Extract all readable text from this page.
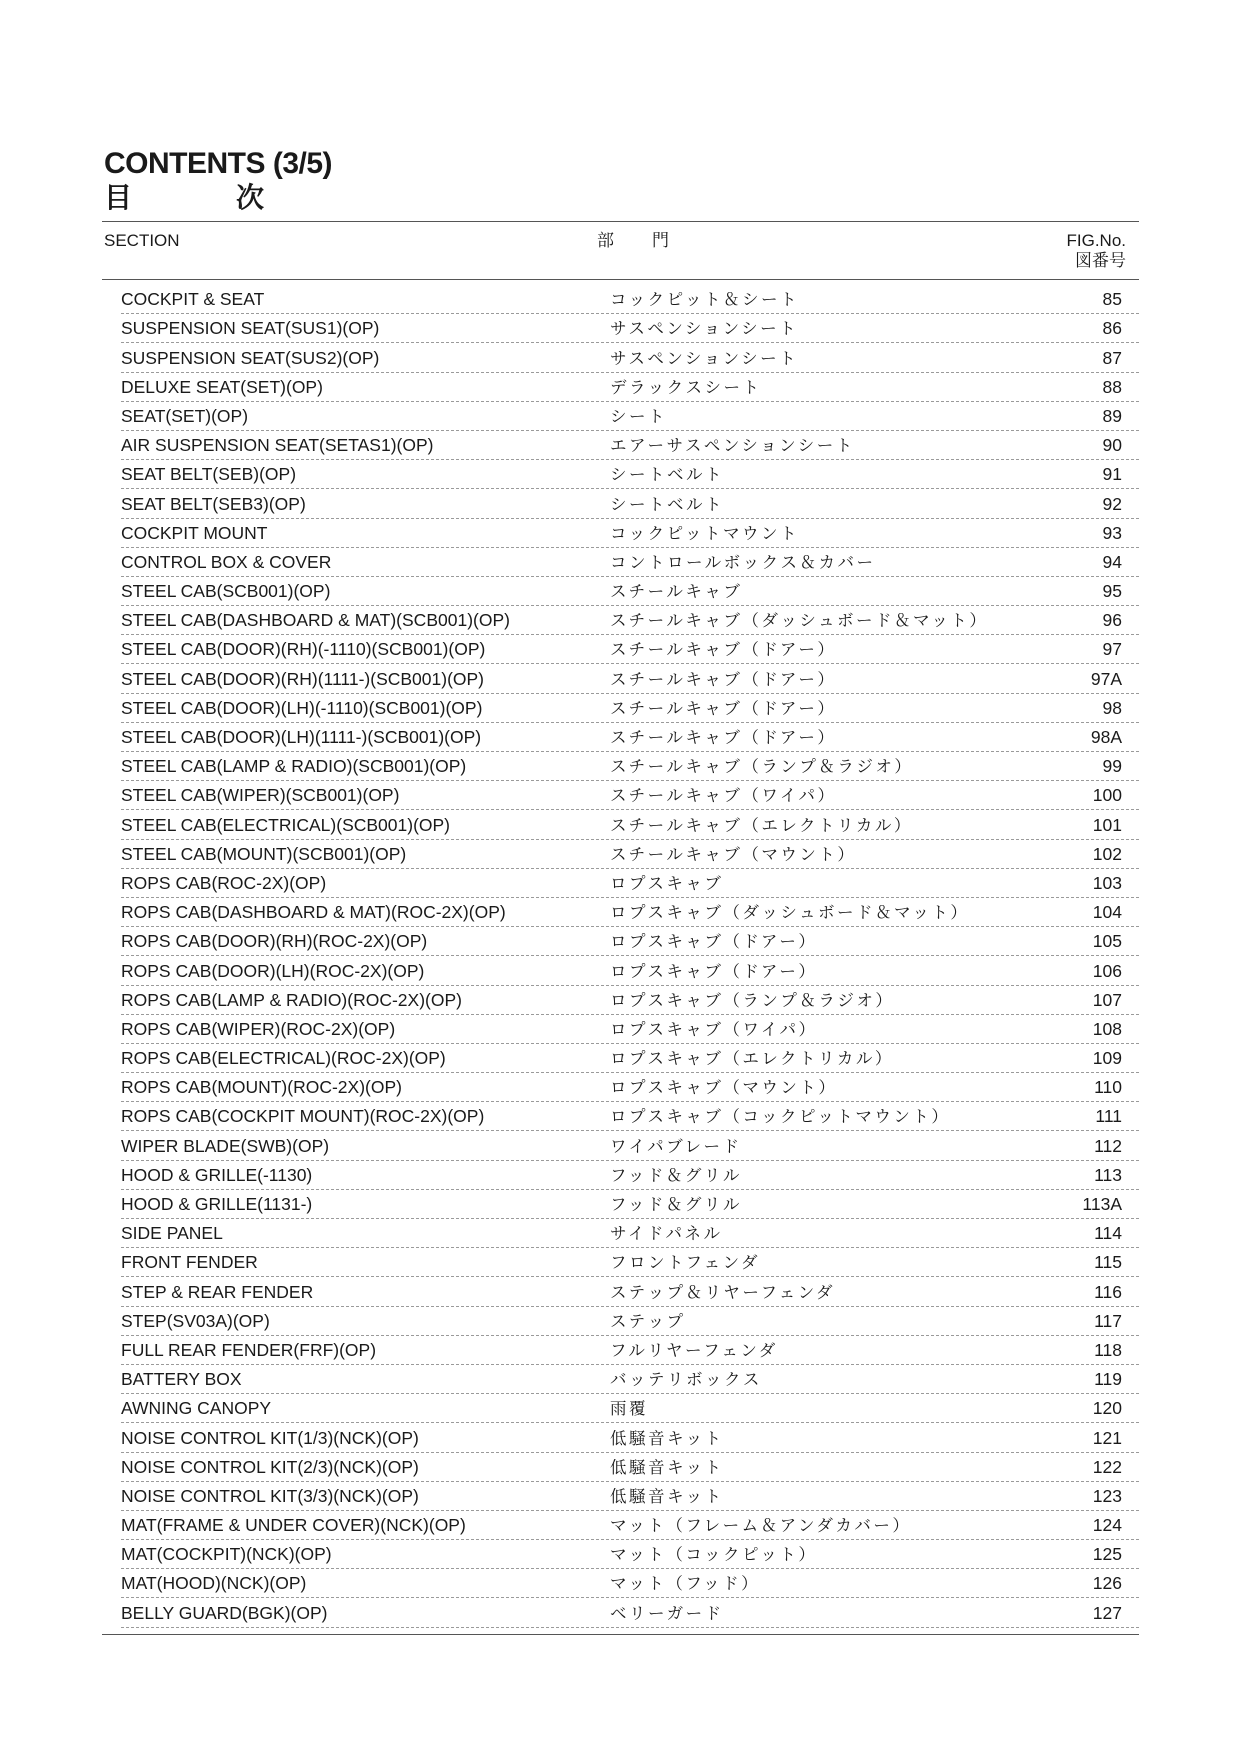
CONTENTS (3/5)
目	次
SECTION	部 門	FIG.No.
図番号
COCKPIT & SEAT	コックピット＆シート	85
SUSPENSION SEAT(SUS1)(OP)	サスペンションシート	86
SUSPENSION SEAT(SUS2)(OP)	サスペンションシート	87
DELUXE SEAT(SET)(OP)	デラックスシート	88
SEAT(SET)(OP)	シート	89
AIR SUSPENSION SEAT(SETAS1)(OP)	エアーサスペンションシート	90
SEAT BELT(SEB)(OP)	シートベルト	91
SEAT BELT(SEB3)(OP)	シートベルト	92
COCKPIT MOUNT	コックピットマウント	93
CONTROL BOX & COVER	コントロールボックス＆カバー	94
STEEL CAB(SCB001)(OP)	スチールキャブ	95
STEEL CAB(DASHBOARD & MAT)(SCB001)(OP)	スチールキャブ（ダッシュボード＆マット）	96
STEEL CAB(DOOR)(RH)(-1110)(SCB001)(OP)	スチールキャブ（ドアー）	97
STEEL CAB(DOOR)(RH)(1111-)(SCB001)(OP)	スチールキャブ（ドアー）	97A
STEEL CAB(DOOR)(LH)(-1110)(SCB001)(OP)	スチールキャブ（ドアー）	98
STEEL CAB(DOOR)(LH)(1111-)(SCB001)(OP)	スチールキャブ（ドアー）	98A
STEEL CAB(LAMP & RADIO)(SCB001)(OP)	スチールキャブ（ランプ＆ラジオ）	99
STEEL CAB(WIPER)(SCB001)(OP)	スチールキャブ（ワイパ）	100
STEEL CAB(ELECTRICAL)(SCB001)(OP)	スチールキャブ（エレクトリカル）	101
STEEL CAB(MOUNT)(SCB001)(OP)	スチールキャブ（マウント）	102
ROPS CAB(ROC-2X)(OP)	ロプスキャブ	103
ROPS CAB(DASHBOARD & MAT)(ROC-2X)(OP)	ロプスキャブ（ダッシュボード＆マット）	104
ROPS CAB(DOOR)(RH)(ROC-2X)(OP)	ロプスキャブ（ドアー）	105
ROPS CAB(DOOR)(LH)(ROC-2X)(OP)	ロプスキャブ（ドアー）	106
ROPS CAB(LAMP & RADIO)(ROC-2X)(OP)	ロプスキャブ（ランプ＆ラジオ）	107
ROPS CAB(WIPER)(ROC-2X)(OP)	ロプスキャブ（ワイパ）	108
ROPS CAB(ELECTRICAL)(ROC-2X)(OP)	ロプスキャブ（エレクトリカル）	109
ROPS CAB(MOUNT)(ROC-2X)(OP)	ロプスキャブ（マウント）	110
ROPS CAB(COCKPIT MOUNT)(ROC-2X)(OP)	ロプスキャブ（コックピットマウント）	111
WIPER BLADE(SWB)(OP)	ワイパブレード	112
HOOD & GRILLE(-1130)	フッド＆グリル	113
HOOD & GRILLE(1131-)	フッド＆グリル	113A
SIDE PANEL	サイドパネル	114
FRONT FENDER	フロントフェンダ	115
STEP & REAR FENDER	ステップ＆リヤーフェンダ	116
STEP(SV03A)(OP)	ステップ	117
FULL REAR FENDER(FRF)(OP)	フルリヤーフェンダ	118
BATTERY BOX	バッテリボックス	119
AWNING CANOPY	雨覆	120
NOISE CONTROL KIT(1/3)(NCK)(OP)	低騒音キット	121
NOISE CONTROL KIT(2/3)(NCK)(OP)	低騒音キット	122
NOISE CONTROL KIT(3/3)(NCK)(OP)	低騒音キット	123
MAT(FRAME & UNDER COVER)(NCK)(OP)	マット（フレーム＆アンダカバー）	124
MAT(COCKPIT)(NCK)(OP)	マット（コックピット）	125
MAT(HOOD)(NCK)(OP)	マット（フッド）	126
BELLY GUARD(BGK)(OP)	ベリーガード	127
